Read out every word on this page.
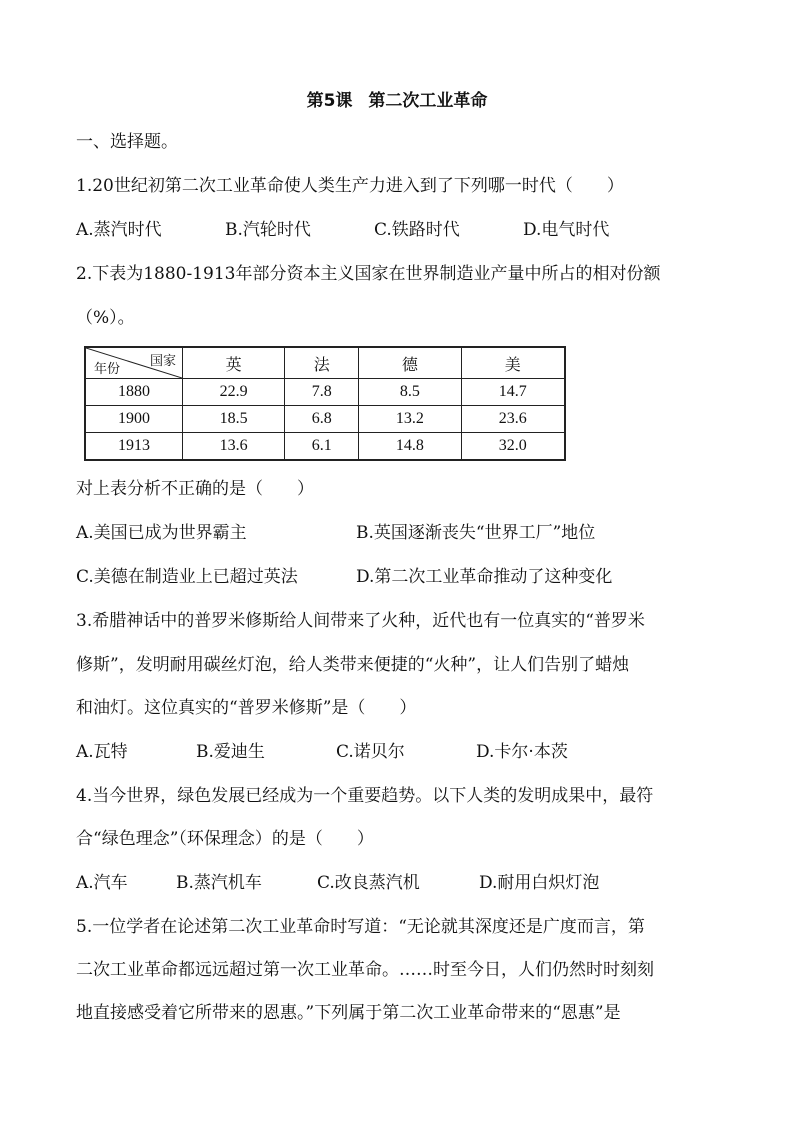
第5课 第二次工业革命
一、选择题。
1.20世纪初第二次工业革命使人类生产力进入到了下列哪一时代（　　）
A.蒸汽时代	B.汽轮时代	C.铁路时代	D.电气时代
2.下表为1880-1913年部分资本主义国家在世界制造业产量中所占的相对份额
（%）。
国家
年份	英	法	德	美
1880	22.9	7.8	8.5	14.7
1900	18.5	6.8	13.2	23.6
1913	13.6	6.1	14.8	32.0
对上表分析不正确的是（　　）
A.美国已成为世界霸主	B.英国逐渐丧失“世界工厂”地位
C.美德在制造业上已超过英法	D.第二次工业革命推动了这种变化
3.希腊神话中的普罗米修斯给人间带来了火种，近代也有一位真实的“普罗米
修斯”，发明耐用碳丝灯泡，给人类带来便捷的“火种”，让人们告别了蜡烛
和油灯。这位真实的“普罗米修斯”是（　　）
A.瓦特	B.爱迪生	C.诺贝尔	D.卡尔·本茨
4.当今世界，绿色发展已经成为一个重要趋势。以下人类的发明成果中，最符
合“绿色理念”（环保理念）的是（　　）
A.汽车	B.蒸汽机车	C.改良蒸汽机	D.耐用白炽灯泡
5.一位学者在论述第二次工业革命时写道：“无论就其深度还是广度而言，第
二次工业革命都远远超过第一次工业革命。……时至今日，人们仍然时时刻刻
地直接感受着它所带来的恩惠。”下列属于第二次工业革命带来的“恩惠”是
